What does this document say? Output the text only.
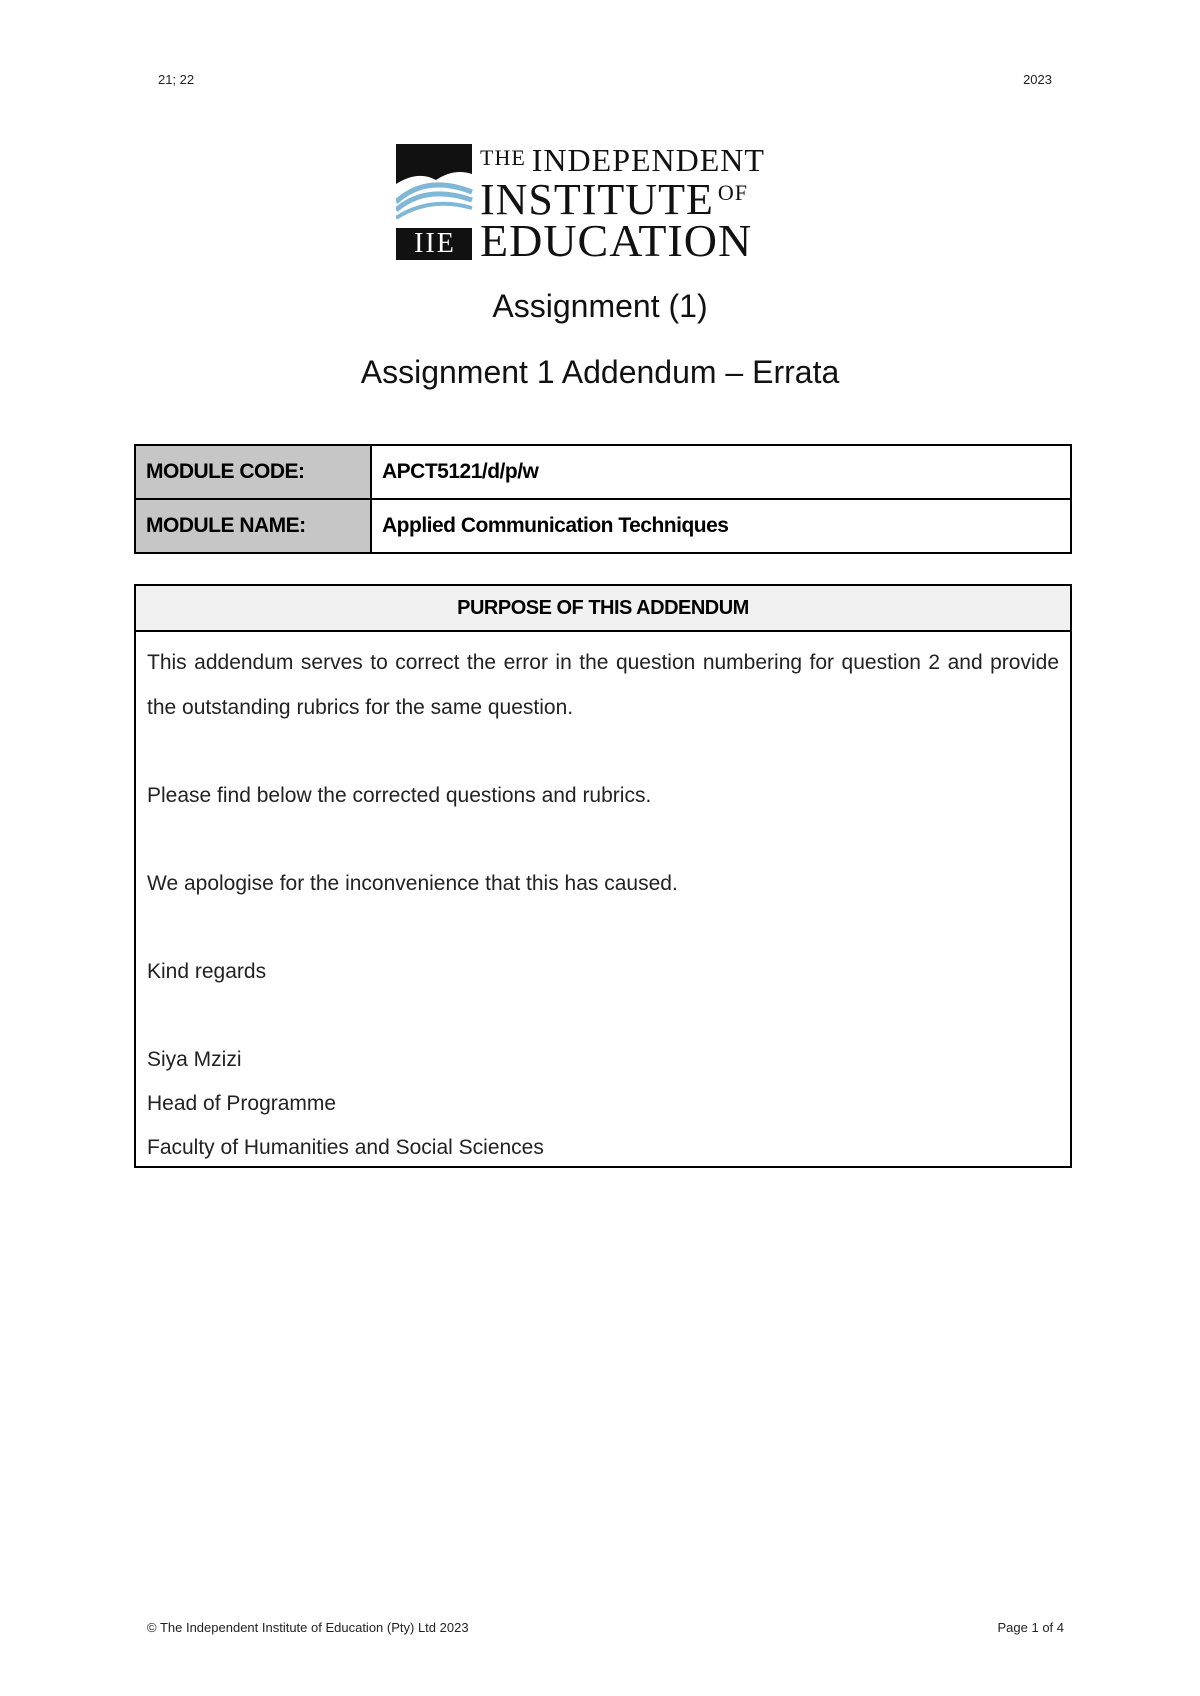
21; 22	2023
IIE
THE INDEPENDENT
INSTITUTE $^{OF}$
EDUCATION
Assignment (1)
Assignment 1 Addendum – Errata
MODULE CODE:	APCT5121/d/p/w
MODULE NAME:	Applied Communication Techniques
PURPOSE OF THIS ADDENDUM

This addendum serves to correct the error in the question numbering for question 2 and provide the outstanding rubrics for the same question.

Please find below the corrected questions and rubrics.

We apologise for the inconvenience that this has caused.

Kind regards

Siya Mzizi

Head of Programme

Faculty of Humanities and Social Sciences

© The Independent Institute of Education (Pty) Ltd 2023	Page 1 of 4
